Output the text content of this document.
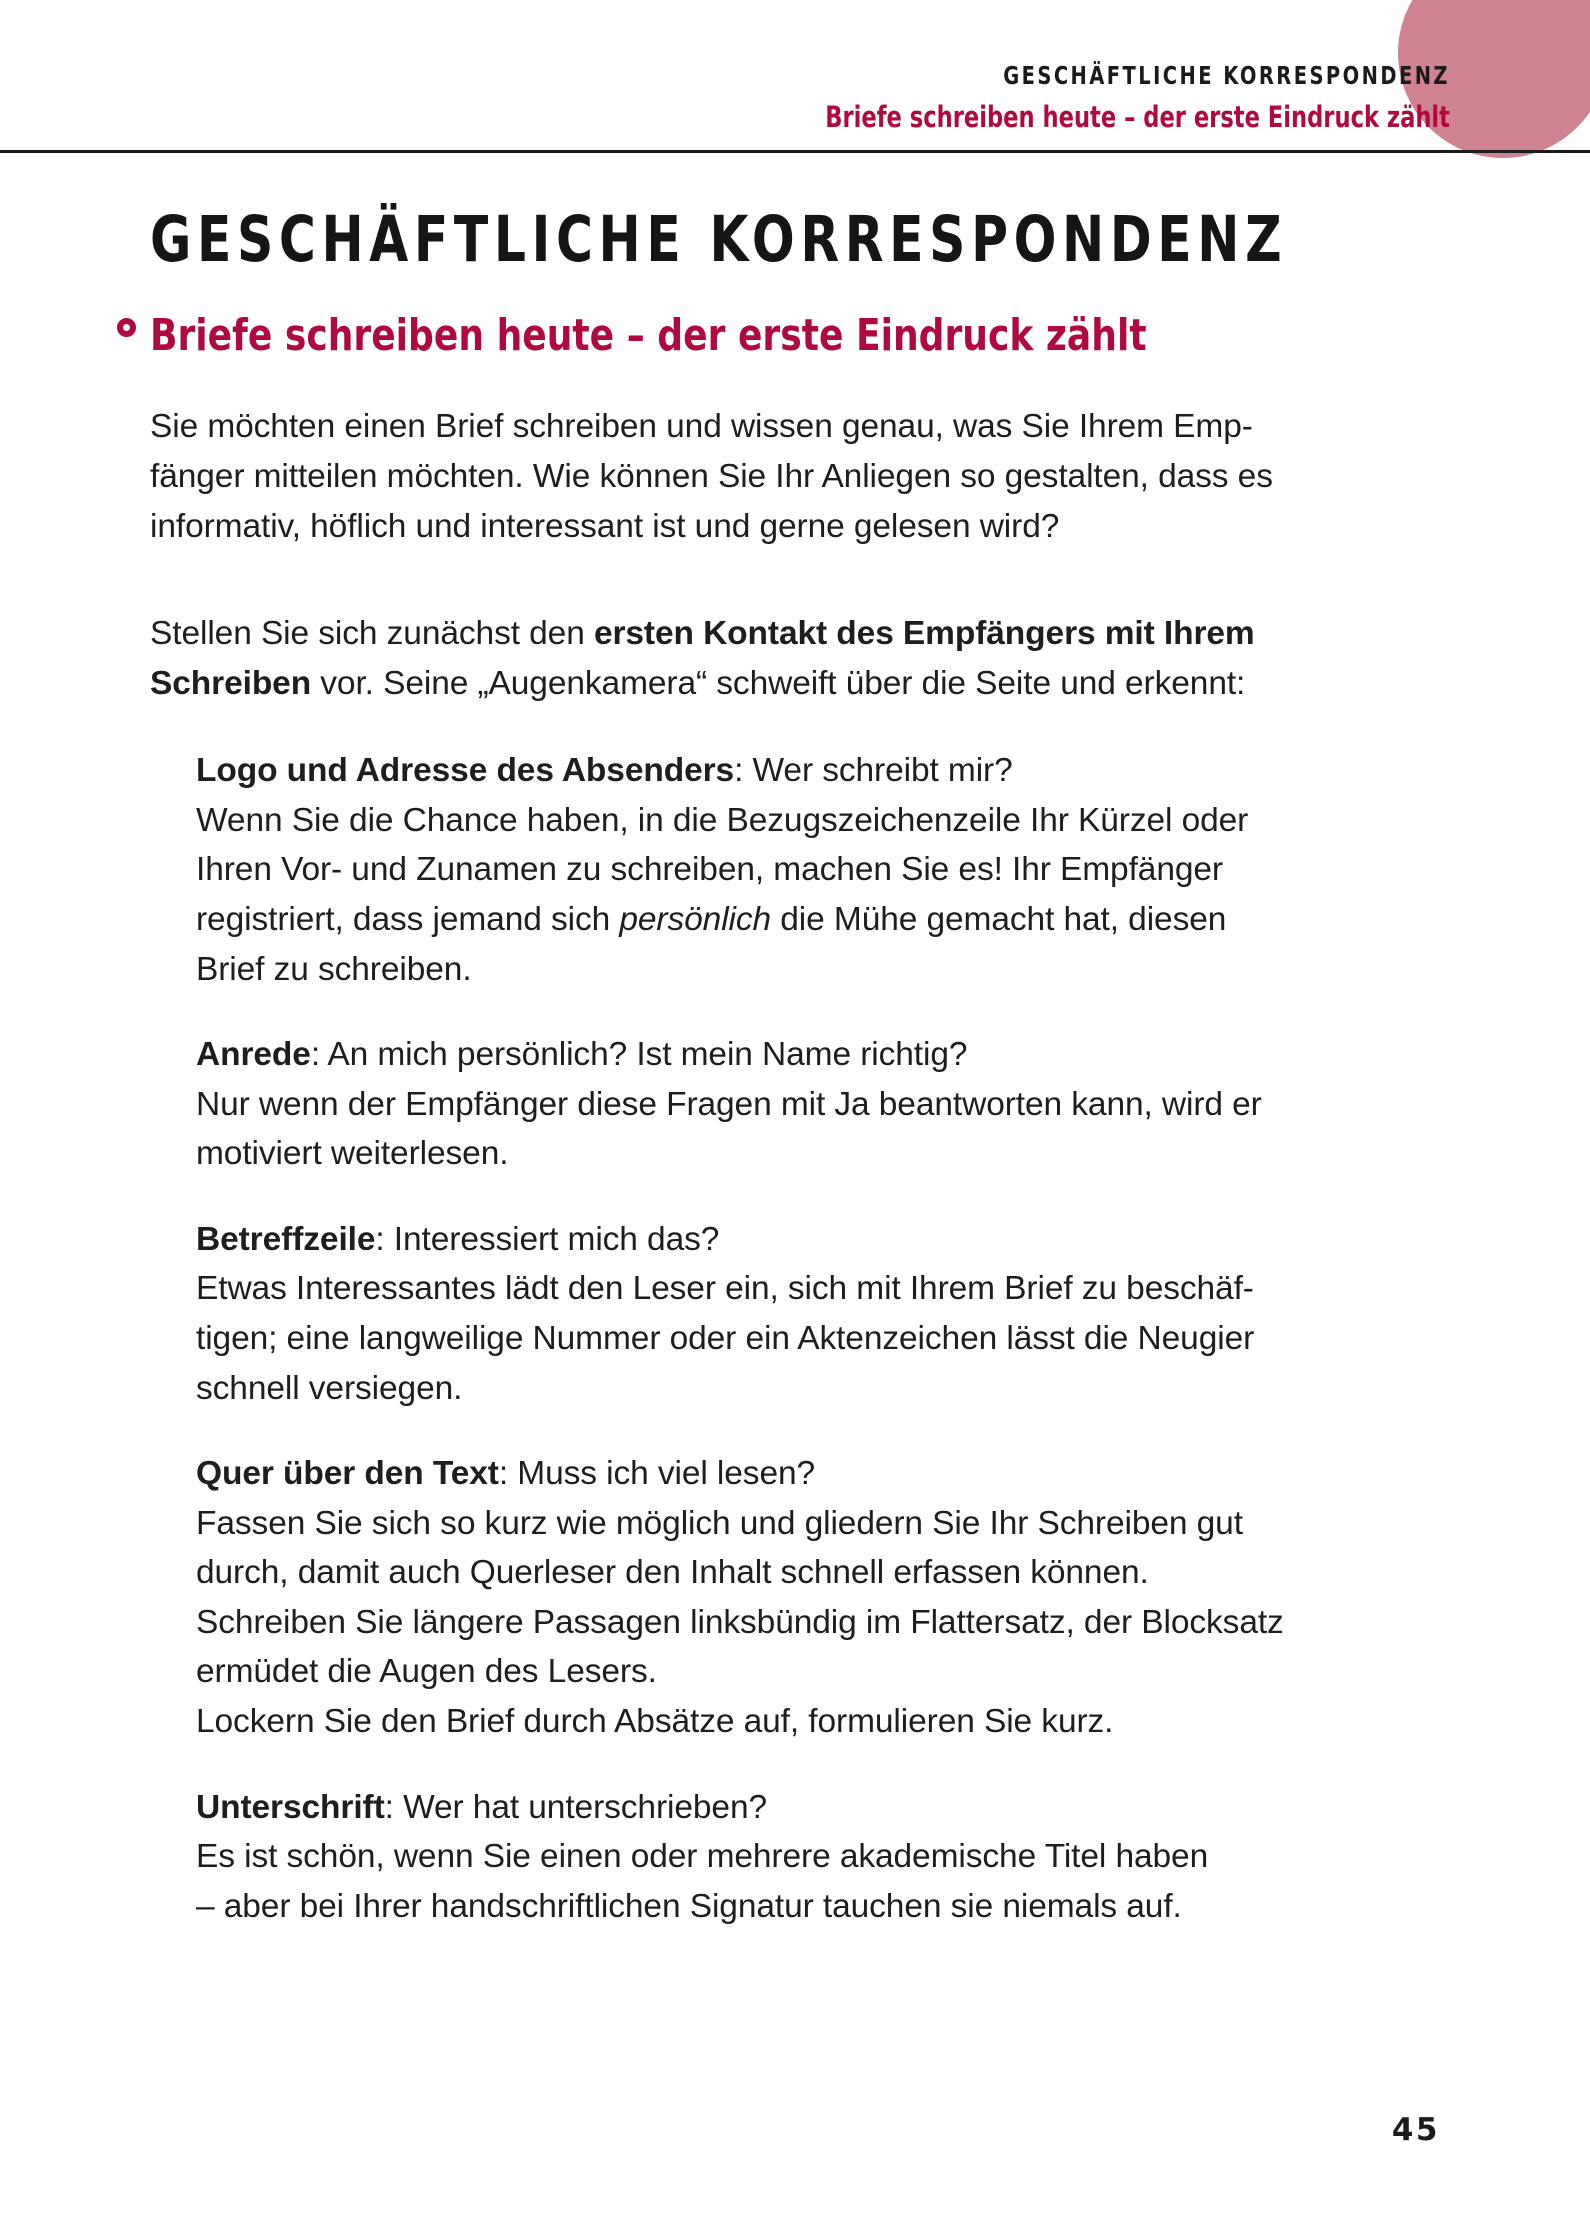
GESCHÄFTLICHE KORRESPONDENZ
Briefe schreiben heute – der erste Eindruck zählt
GESCHÄFTLICHE KORRESPONDENZ
Briefe schreiben heute – der erste Eindruck zählt

Sie möchten einen Brief schreiben und wissen genau, was Sie Ihrem Emp-
fänger mitteilen möchten. Wie können Sie Ihr Anliegen so gestalten, dass es
informativ, höflich und interessant ist und gerne gelesen wird?

Stellen Sie sich zunächst den ersten Kontakt des Empfängers mit Ihrem
Schreiben vor. Seine „Augenkamera“ schweift über die Seite und erkennt:

Logo und Adresse des Absenders: Wer schreibt mir?
Wenn Sie die Chance haben, in die Bezugszeichenzeile Ihr Kürzel oder
Ihren Vor- und Zunamen zu schreiben, machen Sie es! Ihr Empfänger
registriert, dass jemand sich persönlich die Mühe gemacht hat, diesen
Brief zu schreiben.
Anrede: An mich persönlich? Ist mein Name richtig?
Nur wenn der Empfänger diese Fragen mit Ja beantworten kann, wird er
motiviert weiterlesen.
Betreffzeile: Interessiert mich das?
Etwas Interessantes lädt den Leser ein, sich mit Ihrem Brief zu beschäf-
tigen; eine langweilige Nummer oder ein Aktenzeichen lässt die Neugier
schnell versiegen.
Quer über den Text: Muss ich viel lesen?
Fassen Sie sich so kurz wie möglich und gliedern Sie Ihr Schreiben gut
durch, damit auch Querleser den Inhalt schnell erfassen können.
Schreiben Sie längere Passagen linksbündig im Flattersatz, der Blocksatz
ermüdet die Augen des Lesers.
Lockern Sie den Brief durch Absätze auf, formulieren Sie kurz.
Unterschrift: Wer hat unterschrieben?
Es ist schön, wenn Sie einen oder mehrere akademische Titel haben
– aber bei Ihrer handschriftlichen Signatur tauchen sie niemals auf.
45
